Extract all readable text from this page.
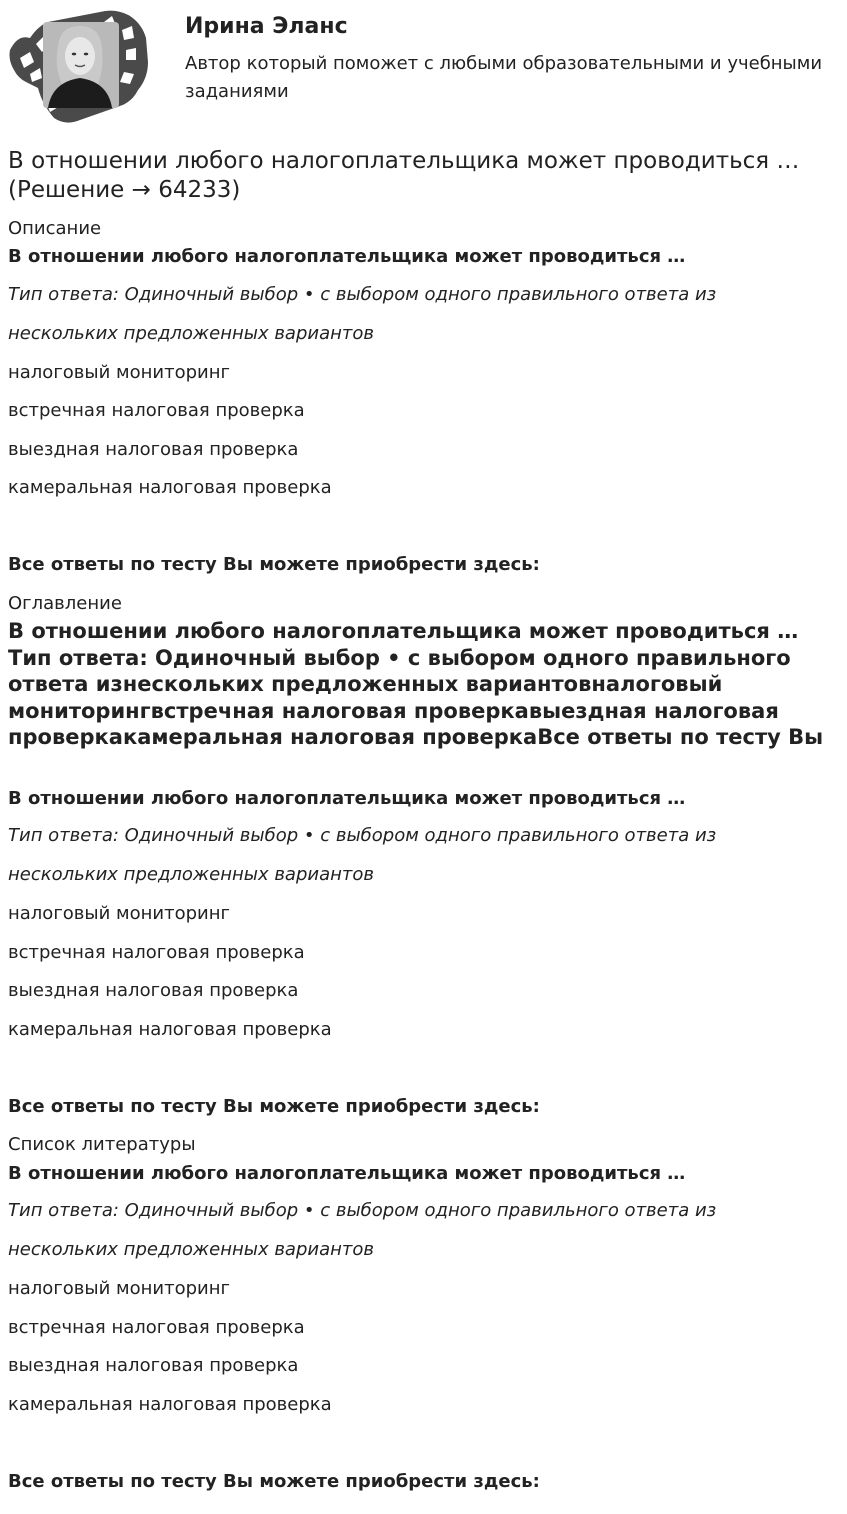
Ирина Эланс
Автор который поможет с любыми образовательными и учебными заданиями
В отношении любого налогоплательщика может проводиться … (Решение → 64233)
Описание
В отношении любого налогоплательщика может проводиться …
Тип ответа: Одиночный выбор • с выбором одного правильного ответа из нескольких предложенных вариантов
налоговый мониторинг
встречная налоговая проверка
выездная налоговая проверка
камеральная налоговая проверка
Все ответы по тесту Вы можете приобрести здесь:
Оглавление
В отношении любого налогоплательщика может проводиться …Тип ответа: Одиночный выбор • с выбором одного правильного ответа изнескольких предложенных вариантовналоговый мониторингвстречная налоговая проверкавыездная налоговая проверкакамеральная налоговая проверкаВсе ответы по тесту Вы
В отношении любого налогоплательщика может проводиться …
Тип ответа: Одиночный выбор • с выбором одного правильного ответа из нескольких предложенных вариантов
налоговый мониторинг
встречная налоговая проверка
выездная налоговая проверка
камеральная налоговая проверка
Все ответы по тесту Вы можете приобрести здесь:
Список литературы
В отношении любого налогоплательщика может проводиться …
Тип ответа: Одиночный выбор • с выбором одного правильного ответа из нескольких предложенных вариантов
налоговый мониторинг
встречная налоговая проверка
выездная налоговая проверка
камеральная налоговая проверка
Все ответы по тесту Вы можете приобрести здесь:
